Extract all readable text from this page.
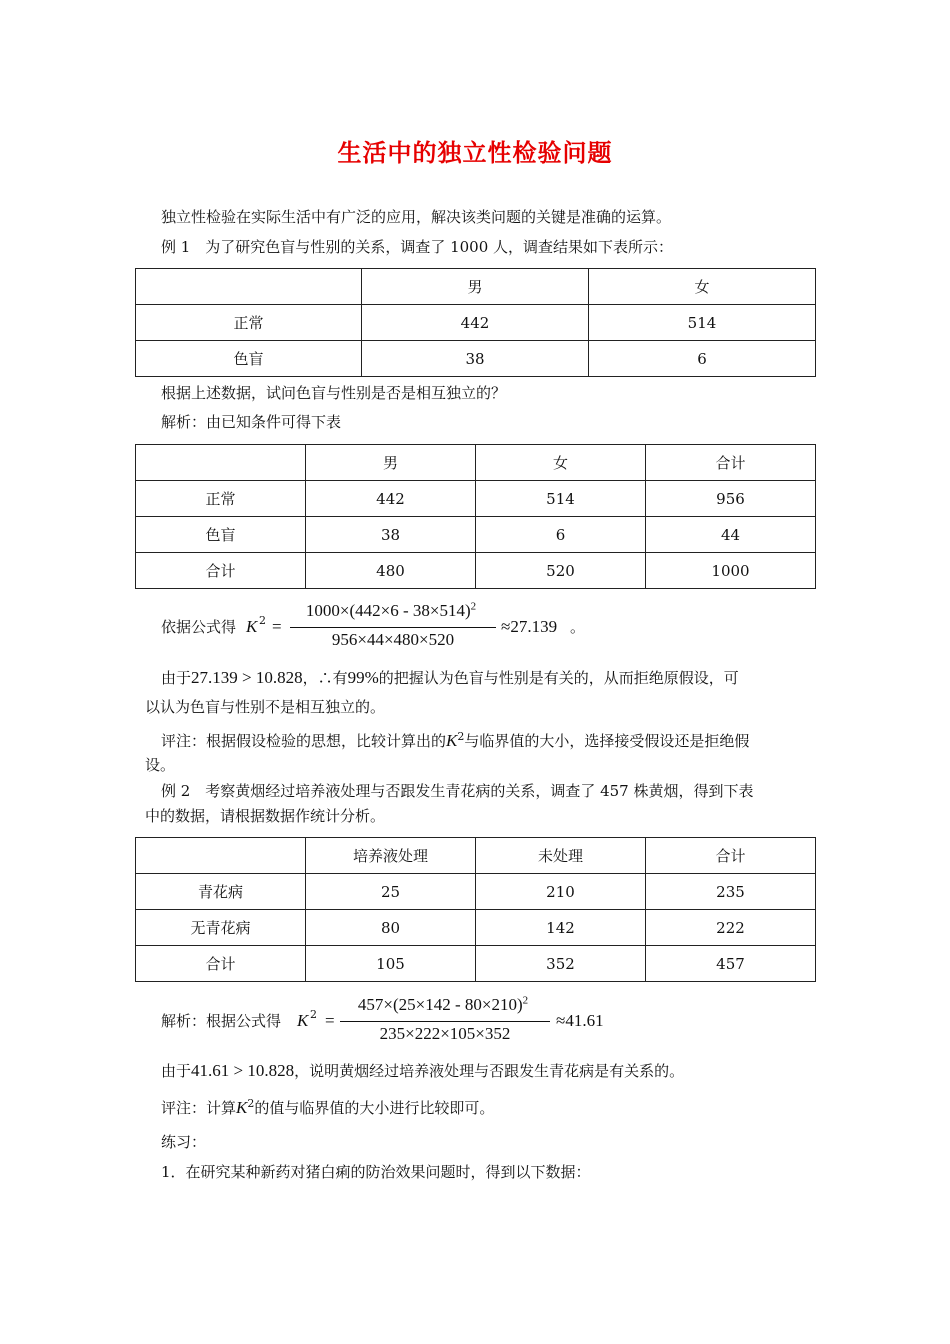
生活中的独立性检验问题
独立性检验在实际生活中有广泛的应用，解决该类问题的关键是准确的运算。
例 1　为了研究色盲与性别的关系，调查了 1000 人，调查结果如下表所示：
	男	女
正常	442	514
色盲	38	6
根据上述数据，试问色盲与性别是否是相互独立的？
解析：由已知条件可得下表
	男	女	合计
正常	442	514	956
色盲	38	6	44
合计	480	520	1000
依据公式得 K 2 =
$1000\times(442\times 6 - 38\times 514)^2$
956×44×480×520
≈27.139 。
由于27.139 > 10.828，∴有99%的把握认为色盲与性别是有关的，从而拒绝原假设，可
以认为色盲与性别不是相互独立的。
评注：根据假设检验的思想，比较计算出的$K^2$与临界值的大小，选择接受假设还是拒绝假
设。
例 2　考察黄烟经过培养液处理与否跟发生青花病的关系，调查了 457 株黄烟，得到下表
中的数据，请根据数据作统计分析。
	培养液处理	未处理	合计
青花病	25	210	235
无青花病	80	142	222
合计	105	352	457
解析：根据公式得 K 2 =
$457\times(25\times 142 - 80\times 210)^2$
235×222×105×352
≈41.61
由于41.61 > 10.828，说明黄烟经过培养液处理与否跟发生青花病是有关系的。
评注：计算$K^2$的值与临界值的大小进行比较即可。
练习：
1．在研究某种新药对猪白痢的防治效果问题时，得到以下数据：
